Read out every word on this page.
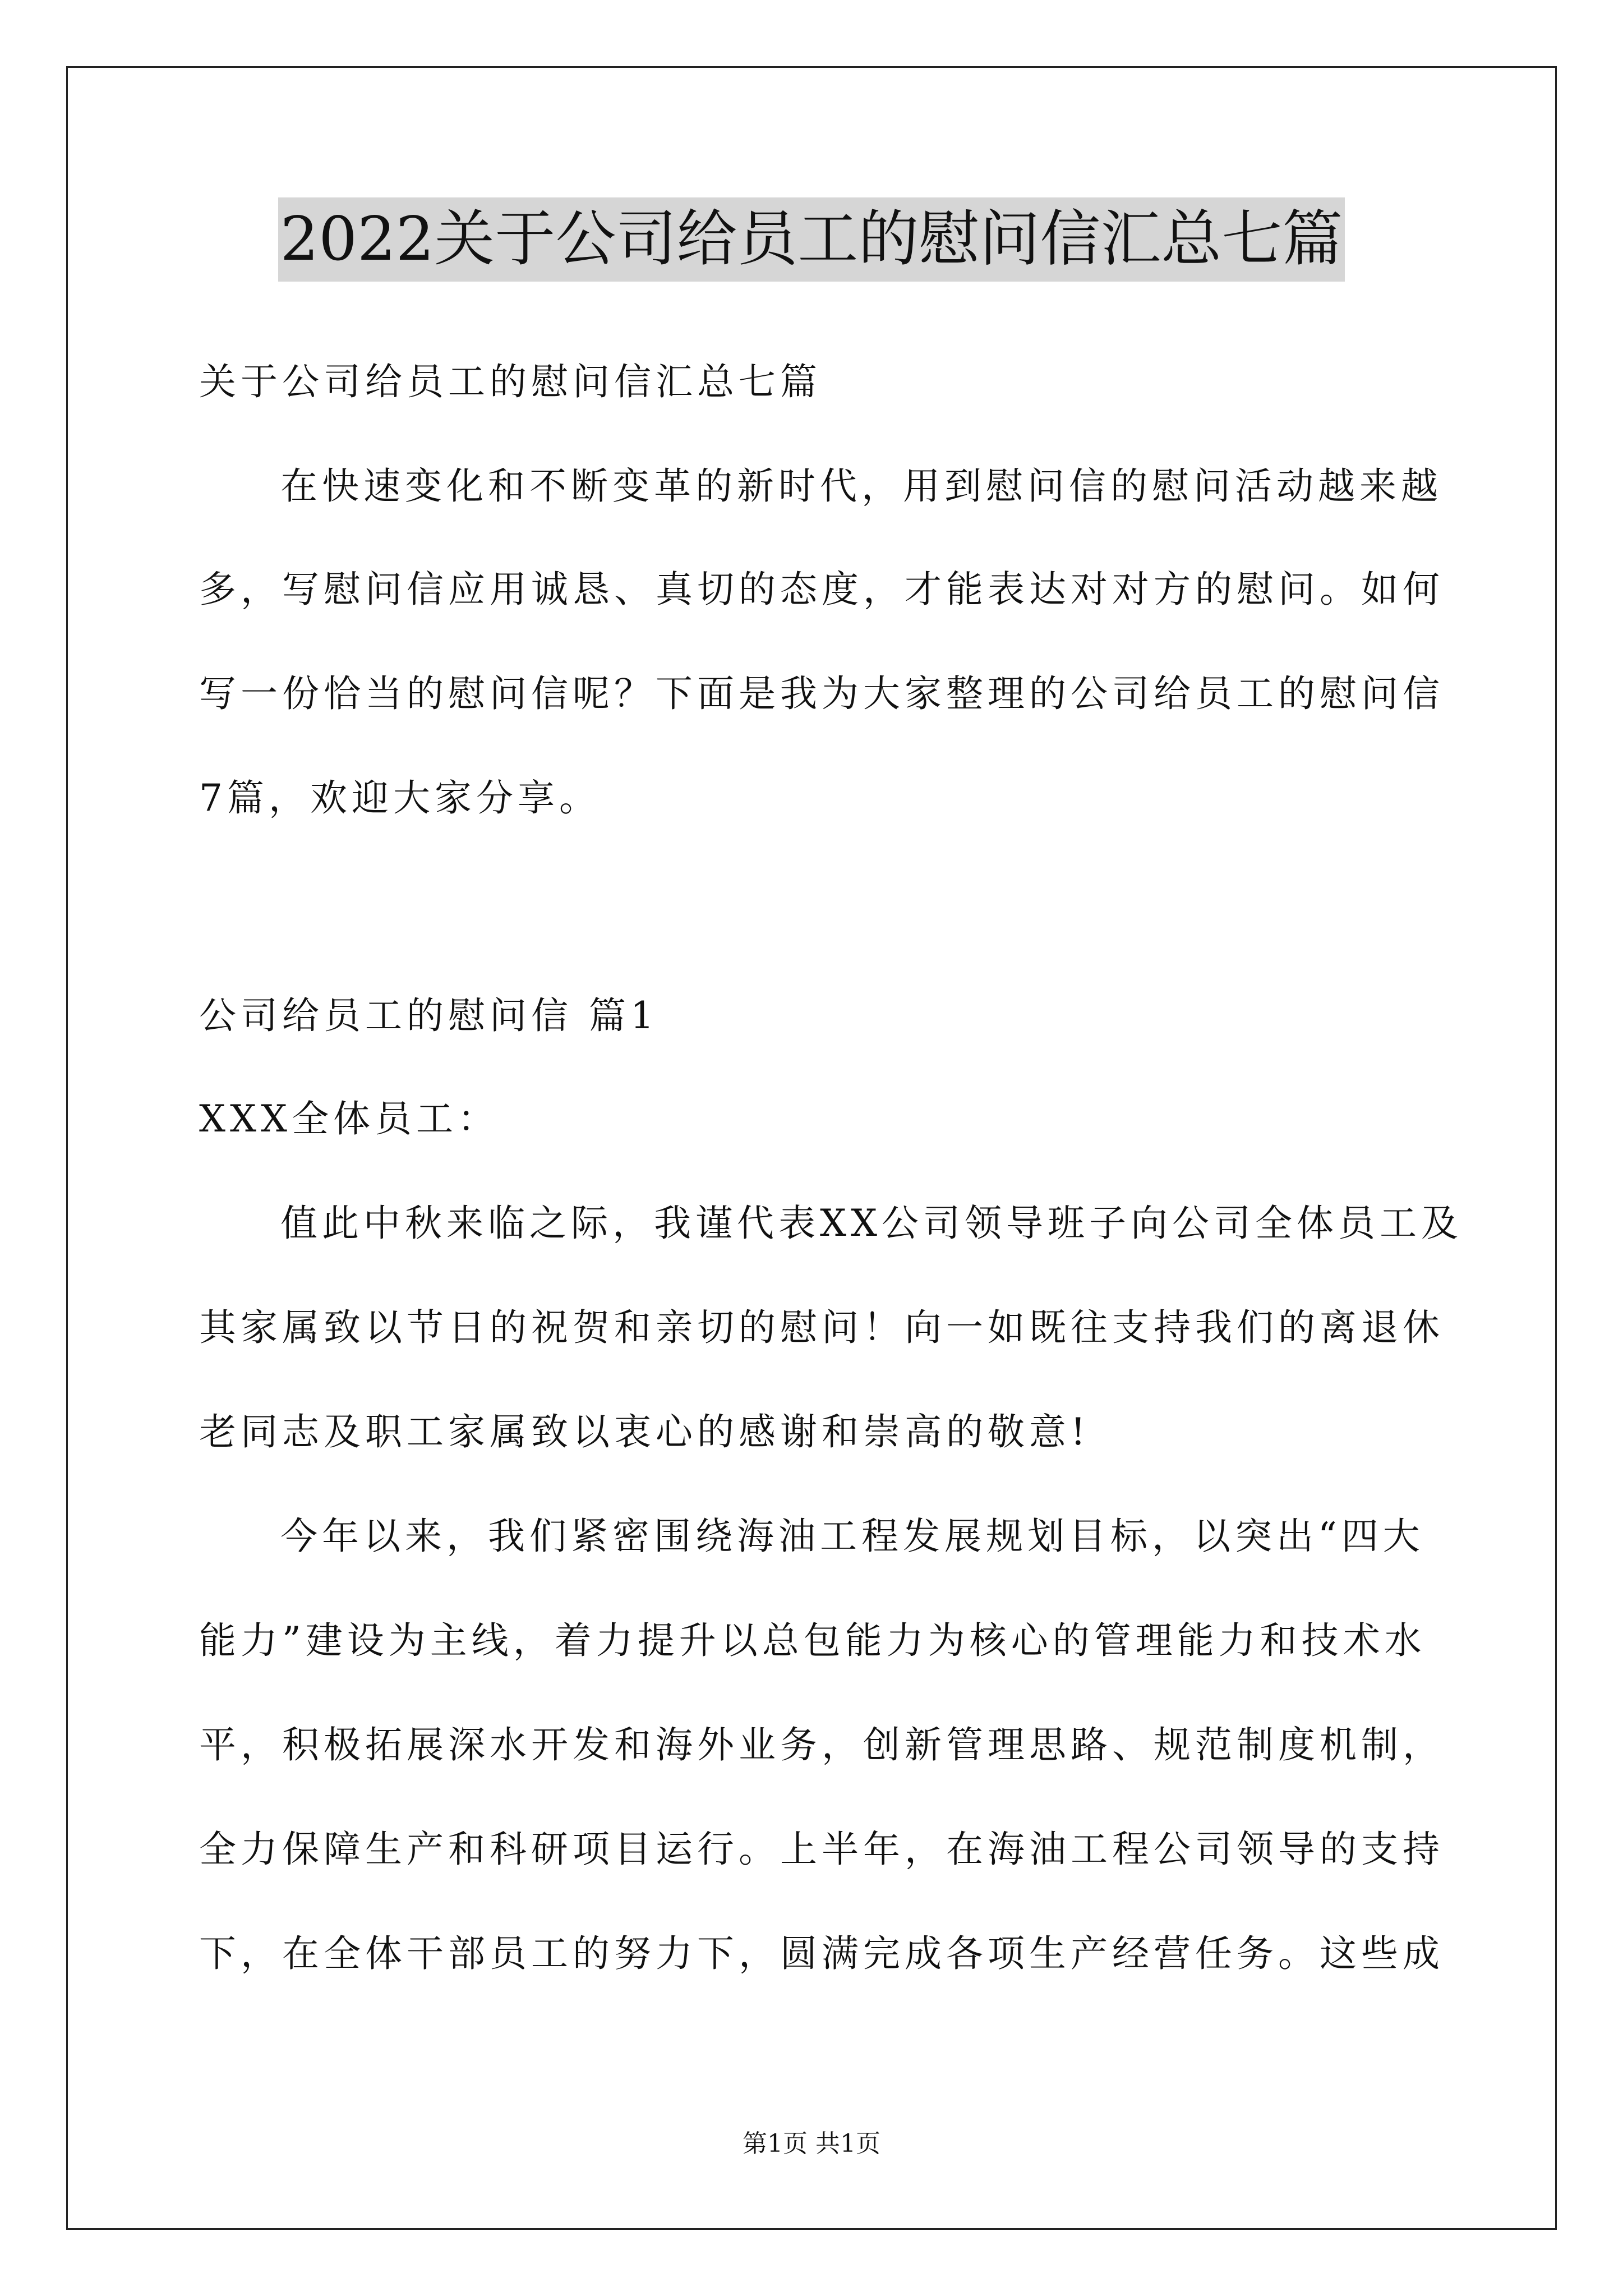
2022关于公司给员工的慰问信汇总七篇
关于公司给员工的慰问信汇总七篇
在快速变化和不断变革的新时代，用到慰问信的慰问活动越来越
多，写慰问信应用诚恳、真切的态度，才能表达对对方的慰问。如何
写一份恰当的慰问信呢？下面是我为大家整理的公司给员工的慰问信
7篇，欢迎大家分享。
公司给员工的慰问信 篇1
XXX全体员工：
值此中秋来临之际，我谨代表XX公司领导班子向公司全体员工及
其家属致以节日的祝贺和亲切的慰问！向一如既往支持我们的离退休
老同志及职工家属致以衷心的感谢和崇高的敬意!
今年以来，我们紧密围绕海油工程发展规划目标，以突出“四大
能力”建设为主线，着力提升以总包能力为核心的管理能力和技术水
平，积极拓展深水开发和海外业务，创新管理思路、规范制度机制，
全力保障生产和科研项目运行。上半年，在海油工程公司领导的支持
下，在全体干部员工的努力下，圆满完成各项生产经营任务。这些成
第1页 共1页
